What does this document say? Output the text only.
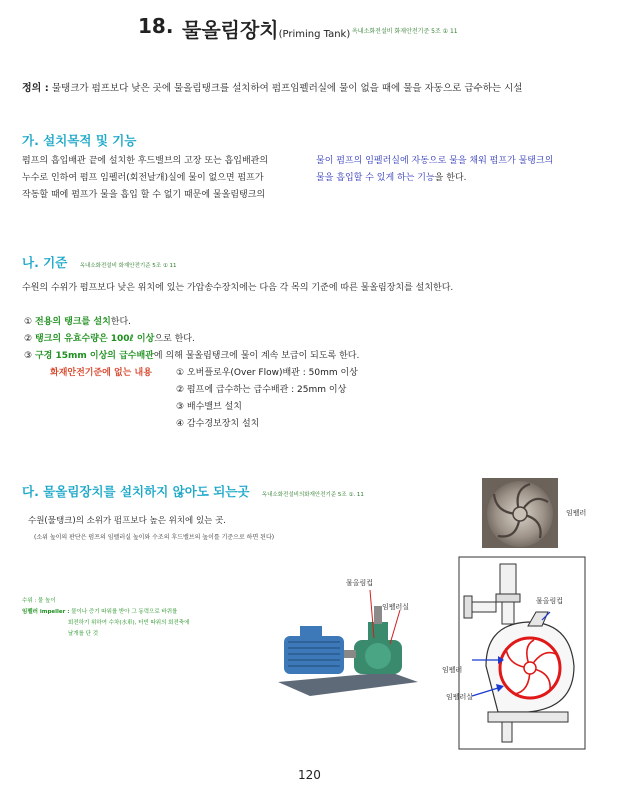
18. 물올림장치(Priming Tank) 옥내소화전설비 화재안전기준 5조 ① 11
정의 : 물탱크가 펌프보다 낮은 곳에 물올림탱크를 설치하여 펌프임펠러실에 물이 없을 때에 물을 자동으로 급수하는 시설
가. 설치목적 및 기능
펌프의 흡입배관 끝에 설치한 후드밸브의 고장 또는 흡입배관의
누수로 인하여 펌프 임펠러(회전날개)실에 물이 없으면 펌프가
작동할 때에 펌프가 물을 흡입 할 수 없기 때문에 물올림탱크의
물이 펌프의 임펠러실에 자동으로 물을 채워 펌프가 물탱크의
물을 흡입할 수 있게 하는 기능을 한다.
나. 기준 옥내소화전설비 화재안전기준 5조 ① 11
수원의 수위가 펌프보다 낮은 위치에 있는 가압송수장치에는 다음 각 목의 기준에 따른 물올림장치를 설치한다.
① 전용의 탱크를 설치한다.
② 탱크의 유효수량은 100ℓ 이상으로 한다.
③ 구경 15mm 이상의 급수배관에 의해 물올림탱크에 물이 계속 보급이 되도록 한다.
화재안전기준에 없는 내용	① 오버플로우(Over Flow)배관 : 50mm 이상
② 펌프에 급수하는 급수배관 : 25mm 이상
③ 배수밸브 설치
④ 감수경보장치 설치
다. 물올림장치를 설치하지 않아도 되는곳 옥내소화전설비의화재안전기준 5조 ①. 11
수원(물탱크)의 소위가 펌프보다 높은 위치에 있는 곳.
(소위 높이의 판단은 펌프의 임펠러실 높이와 수조의 후드밸브의 높이를 기준으로 하면 된다)
임펠러
수위 : 물 높이
임펠러 impeller : 물이나 증기 따위를 받아 그 동력으로 바퀴를
회전하기 위하여 수차(水車), 터빈 따위의 회전축에
날개를 단 것
물올림컵
임펠러실
물올림컵
임펠러
임펠러실
120
